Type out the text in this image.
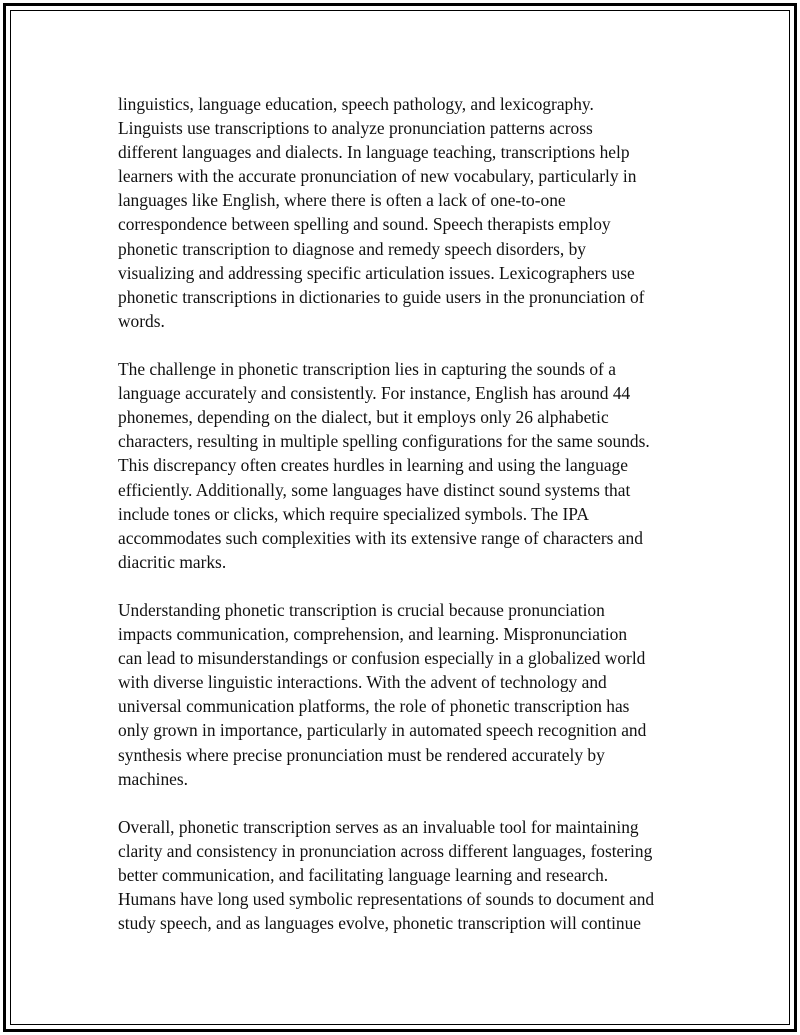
linguistics, language education, speech pathology, and lexicography.
Linguists use transcriptions to analyze pronunciation patterns across
different languages and dialects. In language teaching, transcriptions help
learners with the accurate pronunciation of new vocabulary, particularly in
languages like English, where there is often a lack of one-to-one
correspondence between spelling and sound. Speech therapists employ
phonetic transcription to diagnose and remedy speech disorders, by
visualizing and addressing specific articulation issues. Lexicographers use
phonetic transcriptions in dictionaries to guide users in the pronunciation of
words.

The challenge in phonetic transcription lies in capturing the sounds of a
language accurately and consistently. For instance, English has around 44
phonemes, depending on the dialect, but it employs only 26 alphabetic
characters, resulting in multiple spelling configurations for the same sounds.
This discrepancy often creates hurdles in learning and using the language
efficiently. Additionally, some languages have distinct sound systems that
include tones or clicks, which require specialized symbols. The IPA
accommodates such complexities with its extensive range of characters and
diacritic marks.

Understanding phonetic transcription is crucial because pronunciation
impacts communication, comprehension, and learning. Mispronunciation
can lead to misunderstandings or confusion especially in a globalized world
with diverse linguistic interactions. With the advent of technology and
universal communication platforms, the role of phonetic transcription has
only grown in importance, particularly in automated speech recognition and
synthesis where precise pronunciation must be rendered accurately by
machines.

Overall, phonetic transcription serves as an invaluable tool for maintaining
clarity and consistency in pronunciation across different languages, fostering
better communication, and facilitating language learning and research.
Humans have long used symbolic representations of sounds to document and
study speech, and as languages evolve, phonetic transcription will continue
